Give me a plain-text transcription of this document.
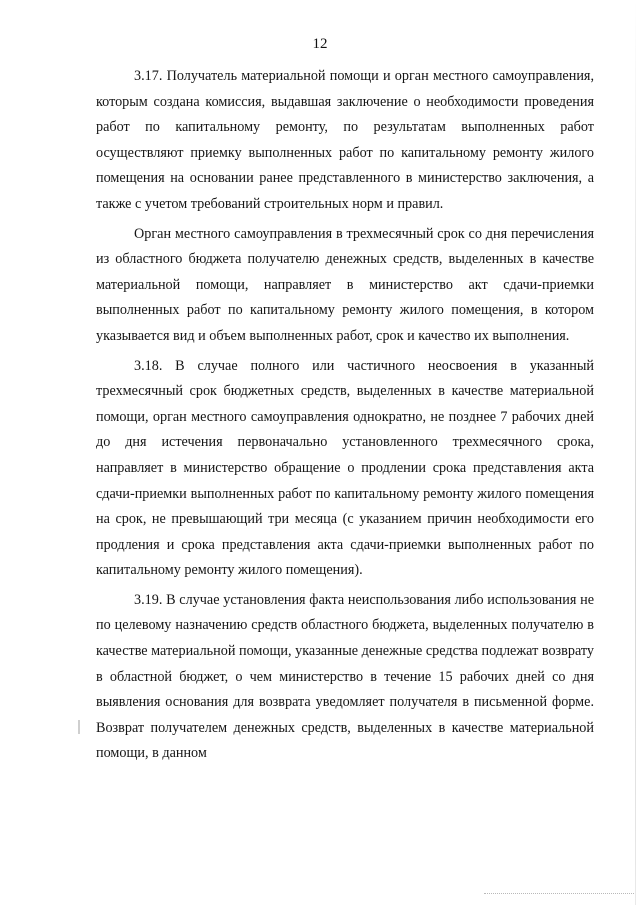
12

3.17. Получатель материальной помощи и орган местного самоуправления, которым создана комиссия, выдавшая заключение о необходимости проведения работ по капитальному ремонту, по результатам выполненных работ осуществляют приемку выполненных работ по капитальному ремонту жилого помещения на основании ранее представленного в министерство заключения, а также с учетом требований строительных норм и правил.

Орган местного самоуправления в трехмесячный срок со дня перечисления из областного бюджета получателю денежных средств, выделенных в качестве материальной помощи, направляет в министерство акт сдачи-приемки выполненных работ по капитальному ремонту жилого помещения, в котором указывается вид и объем выполненных работ, срок и качество их выполнения.

3.18. В случае полного или частичного неосвоения в указанный трехмесячный срок бюджетных средств, выделенных в качестве материальной помощи, орган местного самоуправления однократно, не позднее 7 рабочих дней до дня истечения первоначально установленного трехмесячного срока, направляет в министерство обращение о продлении срока представления акта сдачи-приемки выполненных работ по капитальному ремонту жилого помещения на срок, не превышающий три месяца (с указанием причин необходимости его продления и срока представления акта сдачи-приемки выполненных работ по капитальному ремонту жилого помещения).

3.19. В случае установления факта неиспользования либо использования не по целевому назначению средств областного бюджета, выделенных получателю в качестве материальной помощи, указанные денежные средства подлежат возврату в областной бюджет, о чем министерство в течение 15 рабочих дней со дня выявления основания для возврата уведомляет получателя в письменной форме. Возврат получателем денежных средств, выделенных в качестве материальной помощи, в данном
